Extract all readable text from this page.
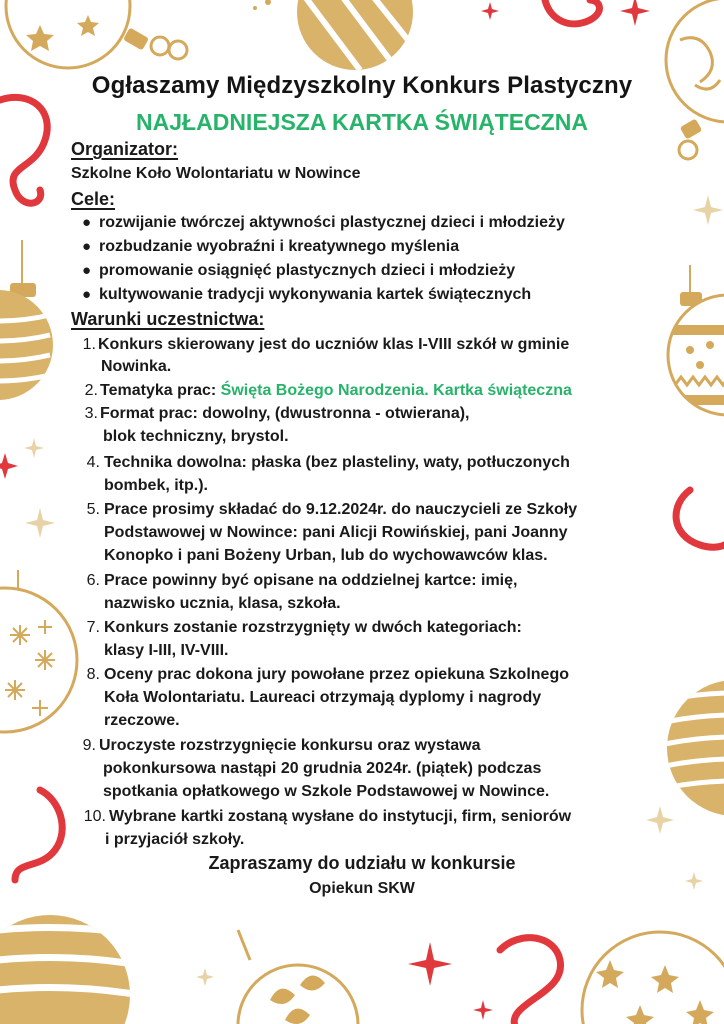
Ogłaszamy Międzyszkolny Konkurs Plastyczny
NAJŁADNIEJSZA KARTKA ŚWIĄTECZNA
Organizator:
Szkolne Koło Wolontariatu w Nowince
Cele:
● rozwijanie twórczej aktywności plastycznej dzieci i młodzieży
● rozbudzanie wyobraźni i kreatywnego myślenia
● promowanie osiągnięć plastycznych dzieci i młodzieży
● kultywowanie tradycji wykonywania kartek świątecznych
Warunki uczestnictwa:
1. Konkurs skierowany jest do uczniów klas I-VIII szkół w gminie
Nowinka.
2. Tematyka prac: Święta Bożego Narodzenia. Kartka świąteczna
3. Format prac: dowolny, (dwustronna - otwierana),
blok techniczny, brystol.
4. Technika dowolna: płaska (bez plasteliny, waty, potłuczonych
bombek, itp.).
5. Prace prosimy składać do 9.12.2024r. do nauczycieli ze Szkoły
Podstawowej w Nowince: pani Alicji Rowińskiej, pani Joanny
Konopko i pani Bożeny Urban, lub do wychowawców klas.
6. Prace powinny być opisane na oddzielnej kartce: imię,
nazwisko ucznia, klasa, szkoła.
7. Konkurs zostanie rozstrzygnięty w dwóch kategoriach:
klasy I-III, IV-VIII.
8. Oceny prac dokona jury powołane przez opiekuna Szkolnego
Koła Wolontariatu. Laureaci otrzymają dyplomy i nagrody
rzeczowe.
9. Uroczyste rozstrzygnięcie konkursu oraz wystawa
pokonkursowa nastąpi 20 grudnia 2024r. (piątek) podczas
spotkania opłatkowego w Szkole Podstawowej w Nowince.
10. Wybrane kartki zostaną wysłane do instytucji, firm, seniorów
i przyjaciół szkoły.
Zapraszamy do udziału w konkursie
Opiekun SKW
